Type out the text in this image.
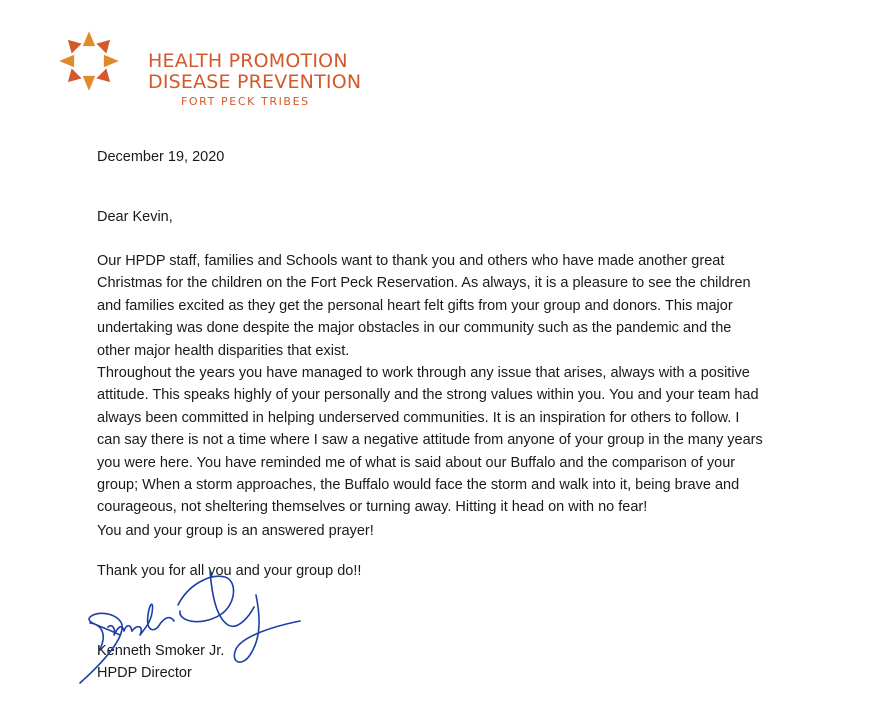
HEALTH PROMOTION
DISEASE PREVENTION
FORT PECK TRIBES
December 19, 2020
Dear Kevin,
Our HPDP staff, families and Schools want to thank you and others who have made another great
Christmas for the children on the Fort Peck Reservation. As always, it is a pleasure to see the children
and families excited as they get the personal heart felt gifts from your group and donors. This major
undertaking was done despite the major obstacles in our community such as the pandemic and the
other major health disparities that exist.
Throughout the years you have managed to work through any issue that arises, always with a positive
attitude. This speaks highly of your personally and the strong values within you. You and your team had
always been committed in helping underserved communities. It is an inspiration for others to follow. I
can say there is not a time where I saw a negative attitude from anyone of your group in the many years
you were here. You have reminded me of what is said about our Buffalo and the comparison of your
group; When a storm approaches, the Buffalo would face the storm and walk into it, being brave and
courageous, not sheltering themselves or turning away. Hitting it head on with no fear!
You and your group is an answered prayer!
Thank you for all you and your group do!!
Kenneth Smoker Jr.
HPDP Director
